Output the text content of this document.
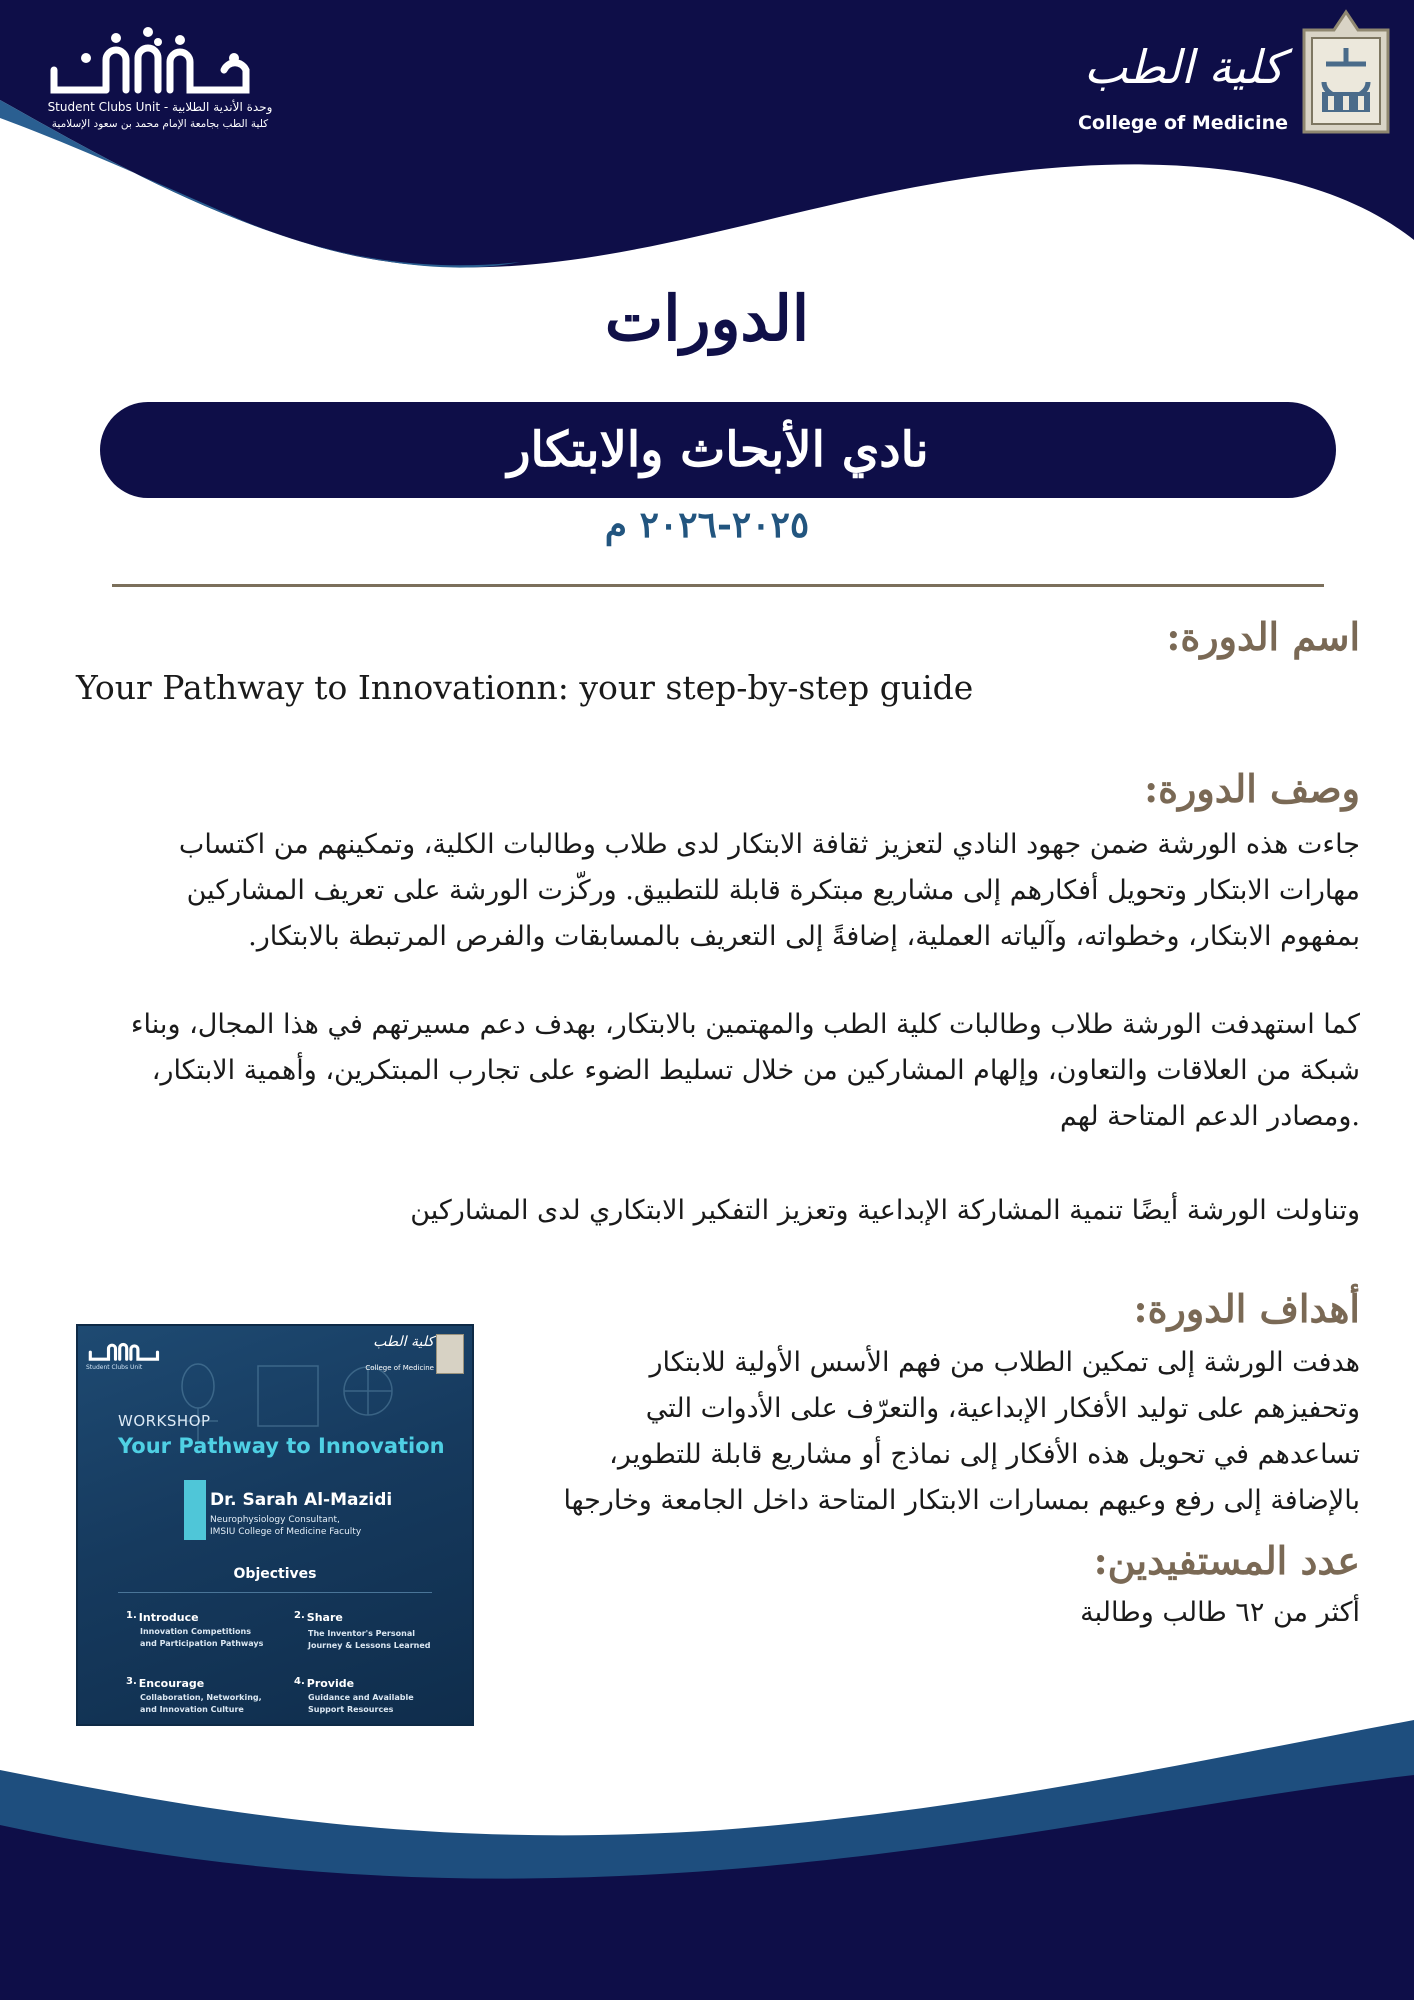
وحدة الأندية الطلابية - Student Clubs Unit
كلية الطب بجامعة الإمام محمد بن سعود الإسلامية
كلية الطب
College of Medicine
الدورات
نادي الأبحاث والابتكار
٢٠٢٥-٢٠٢٦ م
اسم الدورة:
Your Pathway to Innovationn: your step-by-step guide
وصف الدورة:
جاءت هذه الورشة ضمن جهود النادي لتعزيز ثقافة الابتكار لدى طلاب وطالبات الكلية، وتمكينهم من اكتساب
مهارات الابتكار وتحويل أفكارهم إلى مشاريع مبتكرة قابلة للتطبيق. وركّزت الورشة على تعريف المشاركين
بمفهوم الابتكار، وخطواته، وآلياته العملية، إضافةً إلى التعريف بالمسابقات والفرص المرتبطة بالابتكار.
كما استهدفت الورشة طلاب وطالبات كلية الطب والمهتمين بالابتكار، بهدف دعم مسيرتهم في هذا المجال، وبناء
شبكة من العلاقات والتعاون، وإلهام المشاركين من خلال تسليط الضوء على تجارب المبتكرين، وأهمية الابتكار،
.ومصادر الدعم المتاحة لهم
وتناولت الورشة أيضًا تنمية المشاركة الإبداعية وتعزيز التفكير الابتكاري لدى المشاركين
أهداف الدورة:
هدفت الورشة إلى تمكين الطلاب من فهم الأسس الأولية للابتكار
وتحفيزهم على توليد الأفكار الإبداعية، والتعرّف على الأدوات التي
تساعدهم في تحويل هذه الأفكار إلى نماذج أو مشاريع قابلة للتطوير،
بالإضافة إلى رفع وعيهم بمسارات الابتكار المتاحة داخل الجامعة وخارجها
عدد المستفيدين:
أكثر من ٦٢ طالب وطالبة
Student Clubs Unit
كلية الطب
College of Medicine
WORKSHOP
Your Pathway to Innovation
Dr. Sarah Al-Mazidi
Neurophysiology Consultant,
IMSIU College of Medicine Faculty
Objectives
1. Introduce
Innovation Competitions
and Participation Pathways
2. Share
The Inventor's Personal
Journey & Lessons Learned
3. Encourage
Collaboration, Networking,
and Innovation Culture
4. Provide
Guidance and Available
Support Resources
